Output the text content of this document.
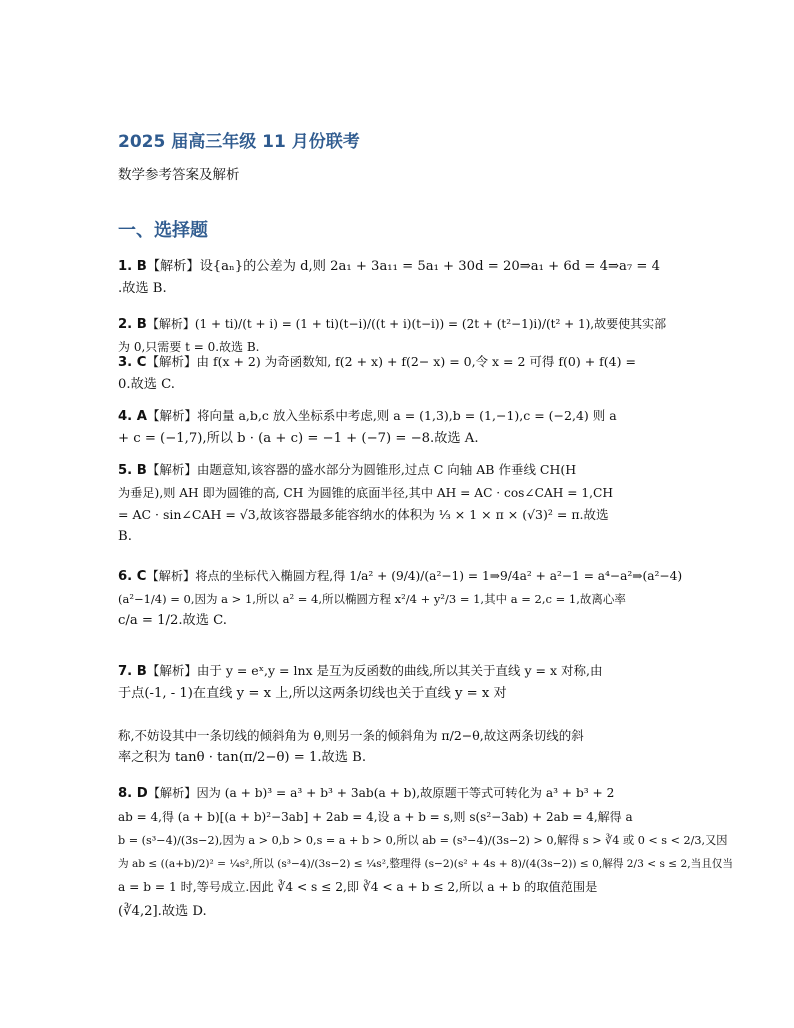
2025 届高三年级 11 月份联考
数学参考答案及解析
一、选择题
1. B【解析】设{aₙ}的公差为 d,则 2a₁ + 3a₁₁ = 5a₁ + 30d = 20⇒a₁ + 6d = 4⇒a₇ = 4
.故选 B.
2. B【解析】(1 + ti)/(t + i) = (1 + ti)(t−i)/((t + i)(t−i)) = (2t + (t²−1)i)/(t² + 1),故要使其实部为 0,只需要 t = 0.故选 B.
3. C【解析】由 f(x + 2) 为奇函数知, f(2 + x) + f(2− x) = 0,令 x = 2 可得 f(0) + f(4) =
0.故选 C.
4. A【解析】将向量 a,b,c 放入坐标系中考虑,则 a = (1,3),b = (1,−1),c = (−2,4) 则 a
+ c = (−1,7),所以 b · (a + c) = −1 + (−7) = −8.故选 A.
5. B【解析】由题意知,该容器的盛水部分为圆锥形,过点 C 向轴 AB 作垂线 CH(H
为垂足),则 AH 即为圆锥的高, CH 为圆锥的底面半径,其中 AH = AC · cos∠CAH = 1,CH
= AC · sin∠CAH = √3,故该容器最多能容纳水的体积为 ⅓ × 1 × π × (√3)² = π.故选
B.
6. C【解析】将点的坐标代入椭圆方程,得 1/a² + (9/4)/(a²−1) = 1⇒9/4a² + a²−1 = a⁴−a²⇒(a²−4)
(a²−1/4) = 0,因为 a > 1,所以 a² = 4,所以椭圆方程 x²/4 + y²/3 = 1,其中 a = 2,c = 1,故离心率
c/a = 1/2.故选 C.
7. B【解析】由于 y = eˣ,y = lnx 是互为反函数的曲线,所以其关于直线 y = x 对称,由
于点(-1, - 1)在直线 y = x 上,所以这两条切线也关于直线 y = x 对
称,不妨设其中一条切线的倾斜角为 θ,则另一条的倾斜角为 π/2−θ,故这两条切线的斜
率之积为 tanθ · tan(π/2−θ) = 1.故选 B.
8. D【解析】因为 (a + b)³ = a³ + b³ + 3ab(a + b),故原题干等式可转化为 a³ + b³ + 2
ab = 4,得 (a + b)[(a + b)²−3ab] + 2ab = 4,设 a + b = s,则 s(s²−3ab) + 2ab = 4,解得 a
b = (s³−4)/(3s−2),因为 a > 0,b > 0,s = a + b > 0,所以 ab = (s³−4)/(3s−2) > 0,解得 s > ∛4 或 0 < s < 2/3,又因
为 ab ≤ ((a+b)/2)² = ¼s²,所以 (s³−4)/(3s−2) ≤ ¼s²,整理得 (s−2)(s² + 4s + 8)/(4(3s−2)) ≤ 0,解得 2/3 < s ≤ 2,当且仅当
a = b = 1 时,等号成立.因此 ∛4 < s ≤ 2,即 ∛4 < a + b ≤ 2,所以 a + b 的取值范围是
(∛4,2].故选 D.
